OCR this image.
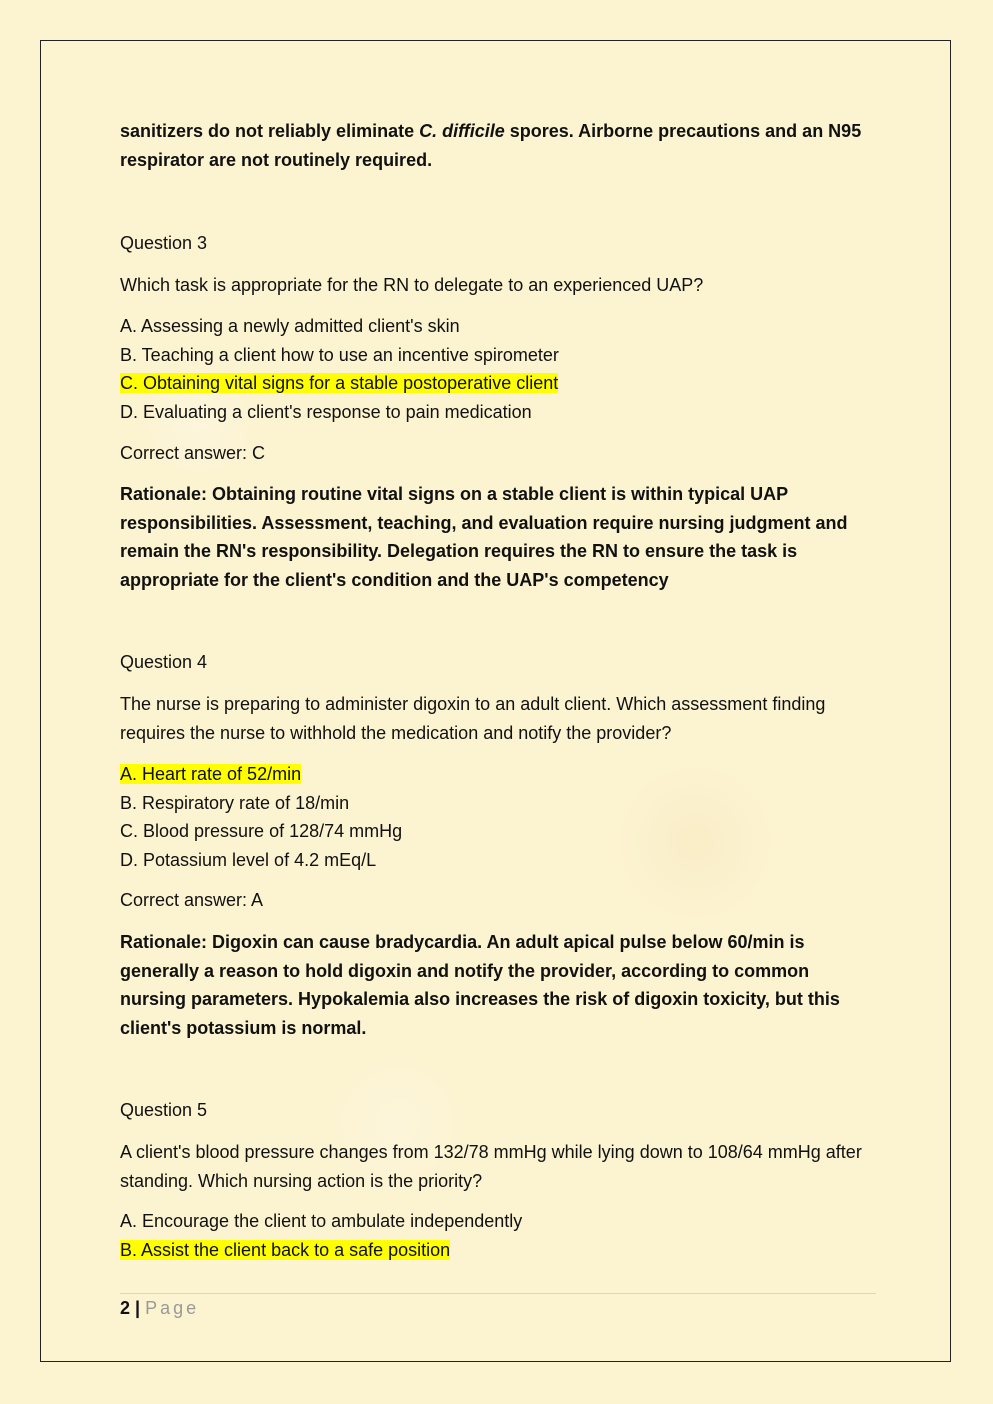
sanitizers do not reliably eliminate C. difficile spores. Airborne precautions and an N95 respirator are not routinely required.

Question 3

Which task is appropriate for the RN to delegate to an experienced UAP?

A. Assessing a newly admitted client's skin
B. Teaching a client how to use an incentive spirometer
C. Obtaining vital signs for a stable postoperative client
D. Evaluating a client's response to pain medication

Correct answer: C

Rationale: Obtaining routine vital signs on a stable client is within typical UAP responsibilities. Assessment, teaching, and evaluation require nursing judgment and remain the RN's responsibility. Delegation requires the RN to ensure the task is appropriate for the client's condition and the UAP's competency

Question 4

The nurse is preparing to administer digoxin to an adult client. Which assessment finding requires the nurse to withhold the medication and notify the provider?

A. Heart rate of 52/min
B. Respiratory rate of 18/min
C. Blood pressure of 128/74 mmHg
D. Potassium level of 4.2 mEq/L

Correct answer: A

Rationale: Digoxin can cause bradycardia. An adult apical pulse below 60/min is generally a reason to hold digoxin and notify the provider, according to common nursing parameters. Hypokalemia also increases the risk of digoxin toxicity, but this client's potassium is normal.

Question 5

A client's blood pressure changes from 132/78 mmHg while lying down to 108/64 mmHg after standing. Which nursing action is the priority?

A. Encourage the client to ambulate independently
B. Assist the client back to a safe position
2 | Page
